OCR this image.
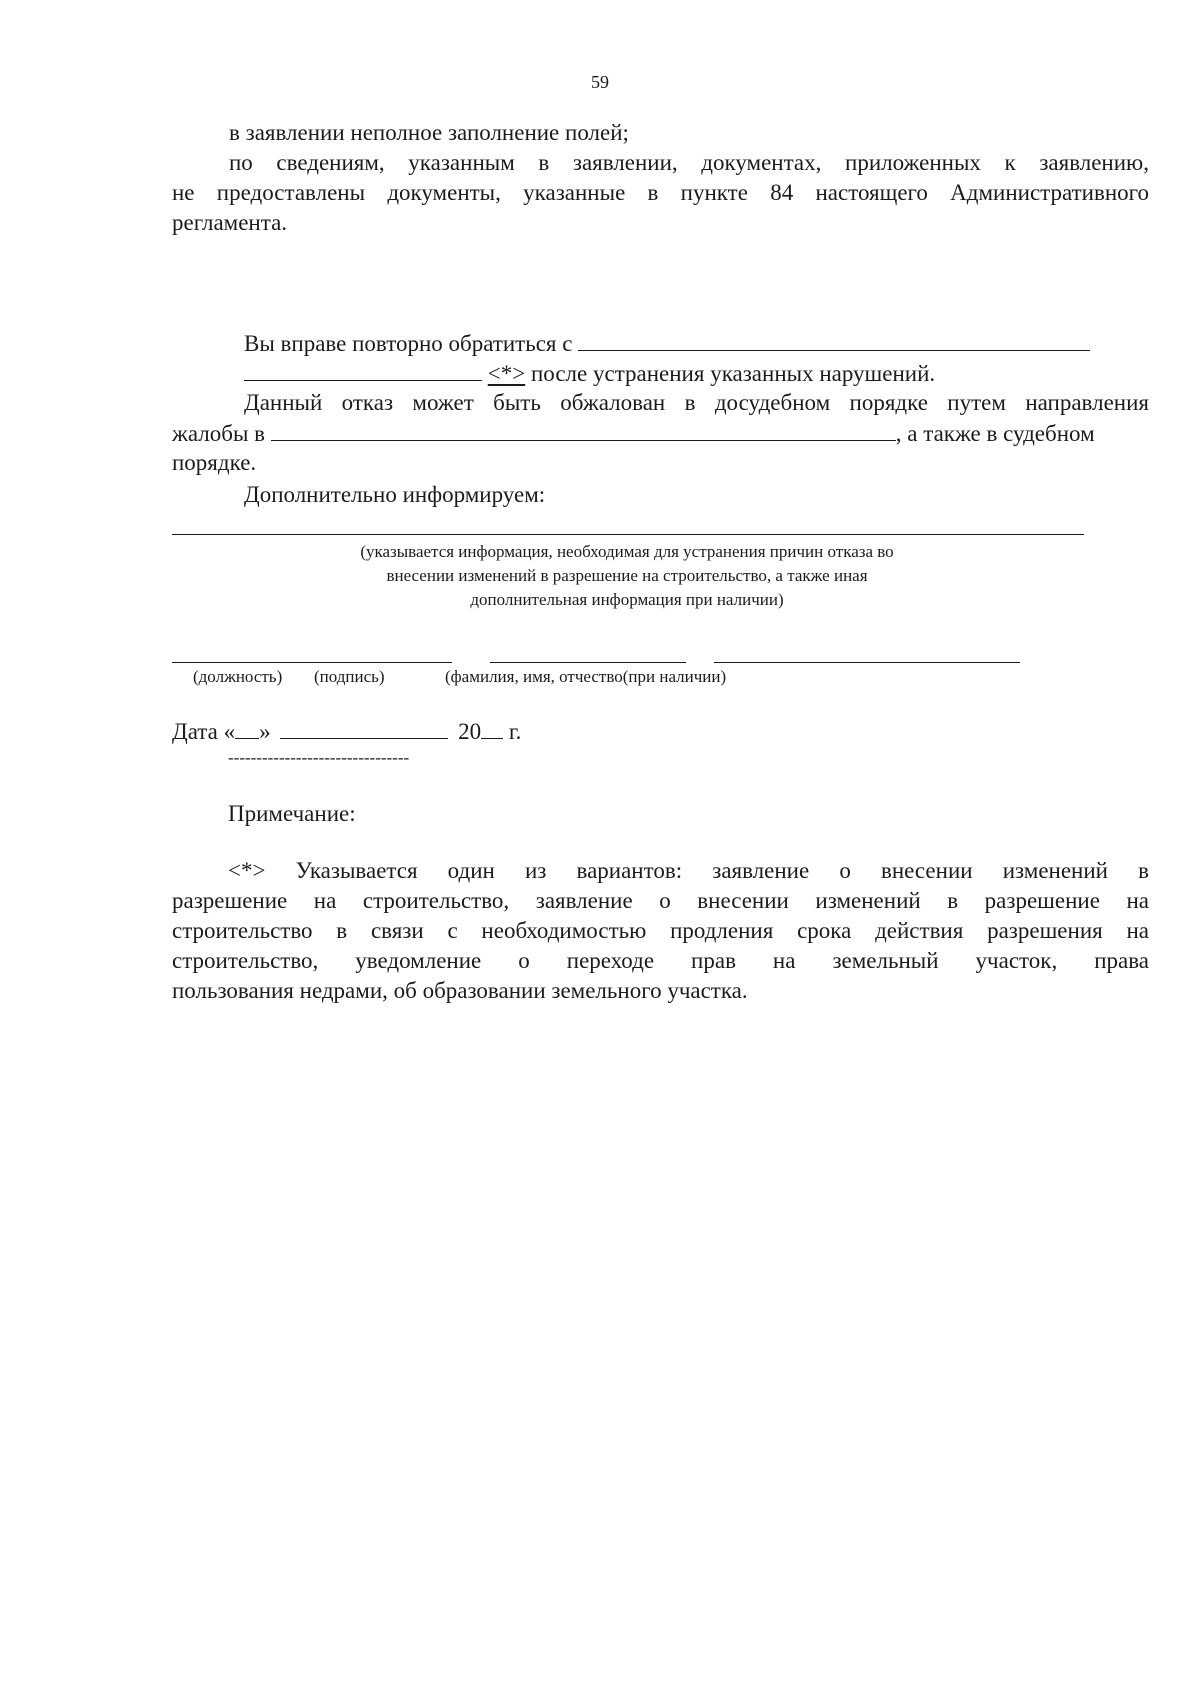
59
в заявлении неполное заполнение полей;
по сведениям, указанным в заявлении, документах, приложенных к заявлению,
не предоставлены документы, указанные в пункте 84 настоящего Административного
регламента.
Вы вправе повторно обратиться с
<*> после устранения указанных нарушений.
Данный отказ может быть обжалован в досудебном порядке путем направления
жалобы в	, а также в судебном
порядке.
Дополнительно информируем:
(указывается информация, необходимая для устранения причин отказа во
внесении изменений в разрешение на строительство, а также иная
дополнительная информация при наличии)
(должность) (подпись)	(фамилия, имя, отчество(при наличии)
Дата « »	20 г.
--------------------------------
Примечание:
<*> Указывается один из вариантов: заявление о внесении изменений в
разрешение на строительство, заявление о внесении изменений в разрешение на
строительство в связи с необходимостью продления срока действия разрешения на
строительство, уведомление о переходе прав на земельный участок, права
пользования недрами, об образовании земельного участка.
